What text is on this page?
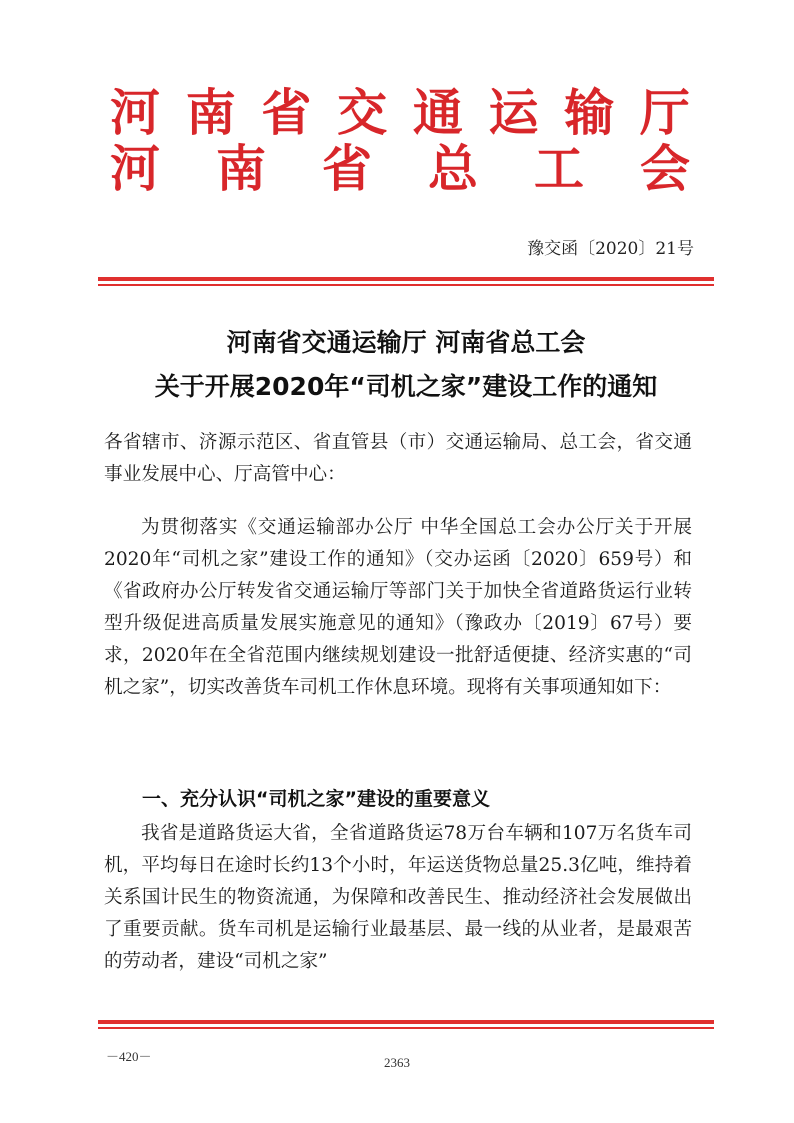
河 南 省 交 通 运 输 厅
河 南 省 总 工 会
豫交函〔2020〕21号
河南省交通运输厅 河南省总工会
关于开展2020年“司机之家”建设工作的通知
各省辖市、济源示范区、省直管县（市）交通运输局、总工会，省交通事业发展中心、厅高管中心：
为贯彻落实《交通运输部办公厅 中华全国总工会办公厅关于开展2020年“司机之家”建设工作的通知》（交办运函〔2020〕659号）和《省政府办公厅转发省交通运输厅等部门关于加快全省道路货运行业转型升级促进高质量发展实施意见的通知》（豫政办〔2019〕67号）要求，2020年在全省范围内继续规划建设一批舒适便捷、经济实惠的“司机之家”，切实改善货车司机工作休息环境。现将有关事项通知如下：
一、充分认识“司机之家”建设的重要意义
我省是道路货运大省，全省道路货运78万台车辆和107万名货车司机，平均每日在途时长约13个小时，年运送货物总量25.3亿吨，维持着关系国计民生的物资流通，为保障和改善民生、推动经济社会发展做出了重要贡献。货车司机是运输行业最基层、最一线的从业者，是最艰苦的劳动者，建设“司机之家”
－420－	2363
